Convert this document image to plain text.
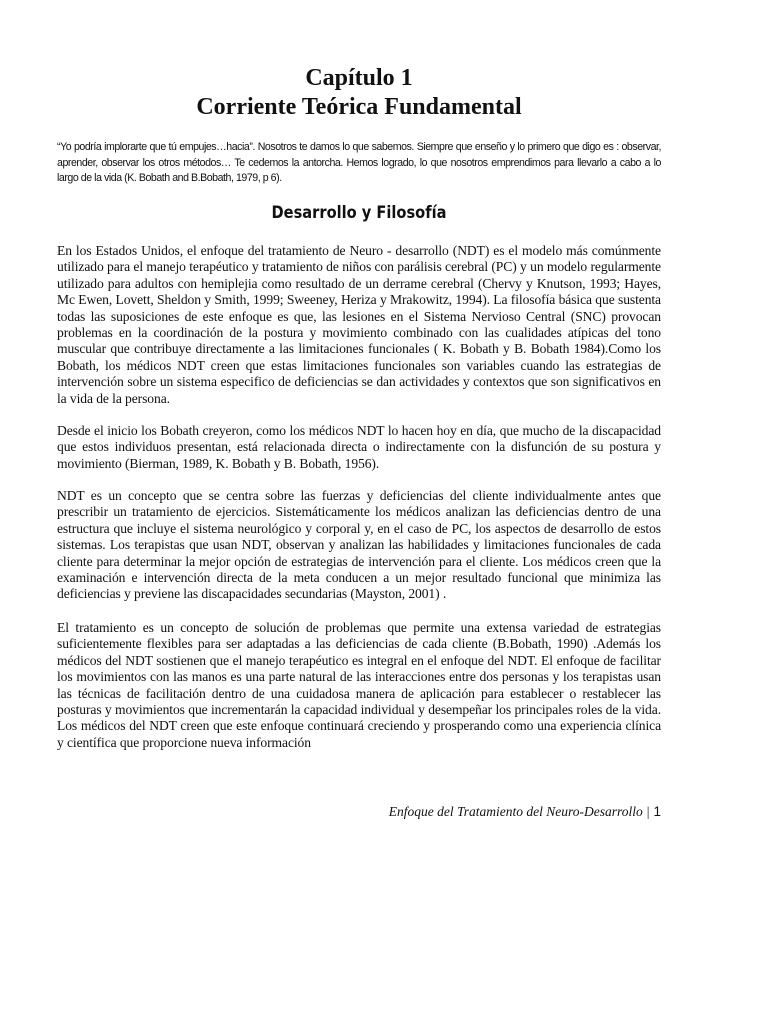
Capítulo 1
Corriente Teórica Fundamental

“Yo podría implorarte que tú empujes…hacia”. Nosotros te damos lo que sabemos. Siempre que enseño y lo primero que digo es : observar, aprender, observar los otros métodos… Te cedemos la antorcha. Hemos logrado, lo que nosotros emprendimos para llevarlo a cabo a lo largo de la vida (K. Bobath and B.Bobath, 1979, p 6).

Desarrollo y Filosofía

En los Estados Unidos, el enfoque del tratamiento de Neuro - desarrollo (NDT) es el modelo más comúnmente utilizado para el manejo terapéutico y tratamiento de niños con parálisis cerebral (PC) y un modelo regularmente utilizado para adultos con hemiplejia como resultado de un derrame cerebral (Chervy y Knutson, 1993; Hayes, Mc Ewen, Lovett, Sheldon y Smith, 1999; Sweeney, Heriza y Mrakowitz, 1994). La filosofía básica que sustenta todas las suposiciones de este enfoque es que, las lesiones en el Sistema Nervioso Central (SNC) provocan problemas en la coordinación de la postura y movimiento combinado con las cualidades atípicas del tono muscular que contribuye directamente a las limitaciones funcionales ( K. Bobath y B. Bobath 1984).Como los Bobath, los médicos NDT creen que estas limitaciones funcionales son variables cuando las estrategias de intervención sobre un sistema especifico de deficiencias se dan actividades y contextos que son significativos en la vida de la persona.

Desde el inicio los Bobath creyeron, como los médicos NDT lo hacen hoy en día, que mucho de la discapacidad que estos individuos presentan, está relacionada directa o indirectamente con la disfunción de su postura y movimiento (Bierman, 1989, K. Bobath y B. Bobath, 1956).

NDT es un concepto que se centra sobre las fuerzas y deficiencias del cliente individualmente antes que prescribir un tratamiento de ejercicios. Sistemáticamente los médicos analizan las deficiencias dentro de una estructura que incluye el sistema neurológico y corporal y, en el caso de PC, los aspectos de desarrollo de estos sistemas. Los terapistas que usan NDT, observan y analizan las habilidades y limitaciones funcionales de cada cliente para determinar la mejor opción de estrategias de intervención para el cliente. Los médicos creen que la examinación e intervención directa de la meta conducen a un mejor resultado funcional que minimiza las deficiencias y previene las discapacidades secundarias (Mayston, 2001) .

El tratamiento es un concepto de solución de problemas que permite una extensa variedad de estrategias suficientemente flexibles para ser adaptadas a las deficiencias de cada cliente (B.Bobath, 1990) .Además los médicos del NDT sostienen que el manejo terapéutico es integral en el enfoque del NDT. El enfoque de facilitar los movimientos con las manos es una parte natural de las interacciones entre dos personas y los terapistas usan las técnicas de facilitación dentro de una cuidadosa manera de aplicación para establecer o restablecer las posturas y movimientos que incrementarán la capacidad individual y desempeñar los principales roles de la vida. Los médicos del NDT creen que este enfoque continuará creciendo y prosperando como una experiencia clínica y científica que proporcione nueva información

Enfoque del Tratamiento del Neuro-Desarrollo | 1
